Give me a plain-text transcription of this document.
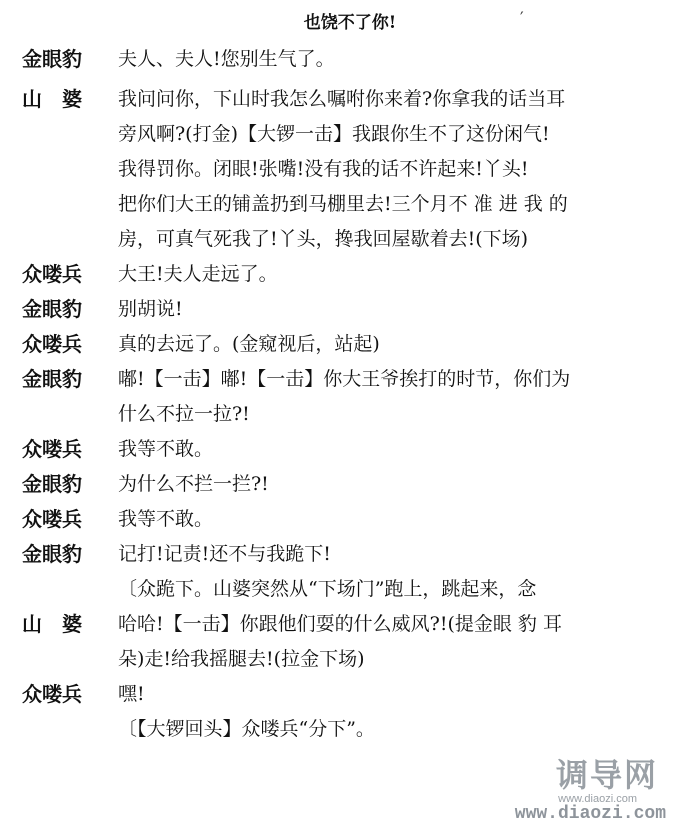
也饶不了你!	′
金眼豹	夫人、夫人!您别生气了。
山　婆	我问问你，下山时我怎么嘱咐你来着?你拿我的话当耳
旁风啊?(打金)【大锣一击】我跟你生不了这份闲气!
我得罚你。闭眼!张嘴!没有我的话不许起来!丫头!
把你们大王的铺盖扔到马棚里去!三个月不 准 进 我 的
房，可真气死我了!丫头，搀我回屋歇着去!(下场)
众喽兵	大王!夫人走远了。
金眼豹	别胡说!
众喽兵	真的去远了。(金窥视后，站起)
金眼豹	嘟!【一击】嘟!【一击】你大王爷挨打的时节，你们为
什么不拉一拉?!
众喽兵	我等不敢。
金眼豹	为什么不拦一拦?!
众喽兵	我等不敢。
金眼豹	记打!记责!还不与我跪下!
〔众跪下。山婆突然从“下场门”跑上，跳起来，念
山　婆	哈哈!【一击】你跟他们耍的什么威风?!(提金眼 豹 耳
朵)走!给我摇腿去!(拉金下场)
众喽兵	嘿!
〔【大锣回头】众喽兵“分下”。
调导网
www.diaozi.com
www.diaozi.com
